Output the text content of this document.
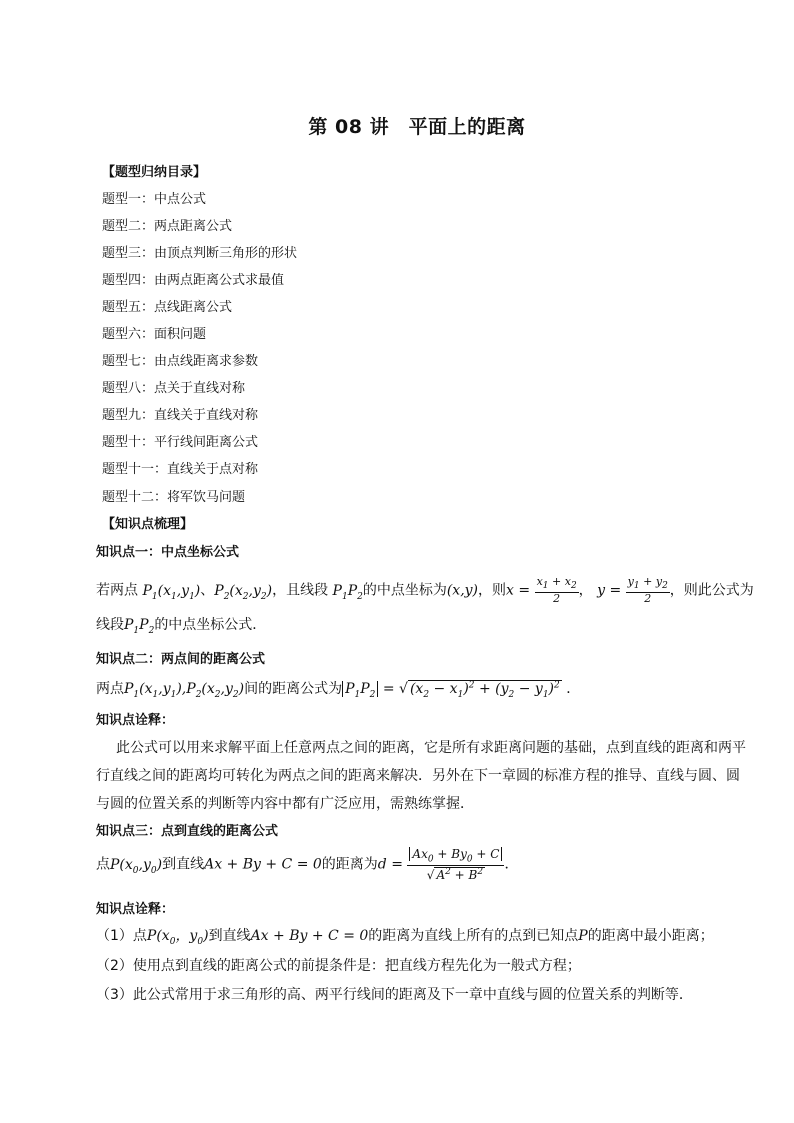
第 08 讲　平面上的距离
【题型归纳目录】
题型一：中点公式
题型二：两点距离公式
题型三：由顶点判断三角形的形状
题型四：由两点距离公式求最值
题型五：点线距离公式
题型六：面积问题
题型七：由点线距离求参数
题型八：点关于直线对称
题型九：直线关于直线对称
题型十：平行线间距离公式
题型十一：直线关于点对称
题型十二：将军饮马问题
【知识点梳理】
知识点一：中点坐标公式
若两点 $P_1(x_1,y_1)$、$P_2(x_2,y_2)$，且线段 $P_1P_2$的中点坐标为(x,y)，则$x = \frac{x_1 + x_2}{2}$ ， $y = \frac{y_1 + y_2}{2}$ ，则此公式为
线段$P_1P_2$的中点坐标公式．
知识点二：两点间的距离公式
两点$P_1(x_1,y_1),P_2(x_2,y_2)$间的距离公式为 $P_1P_2$ = √ $(x_2 - x_1)^2 + (y_2 - y_1)^2$ ．
知识点诠释：
此公式可以用来求解平面上任意两点之间的距离，它是所有求距离问题的基础，点到直线的距离和两平
行直线之间的距离均可转化为两点之间的距离来解决．另外在下一章圆的标准方程的推导、直线与圆、圆
与圆的位置关系的判断等内容中都有广泛应用，需熟练掌握．
知识点三：点到直线的距离公式
点$P(x_0,y_0)$到直线Ax + By + C = 0的距离为$d = \frac{Ax_0 + By_0 + C}{√ A^2 + B^2}$ ．
知识点诠释：
（1）点$P(x_0$，$y_0$)到直线Ax + By + C = 0的距离为直线上所有的点到已知点P的距离中最小距离；
（2）使用点到直线的距离公式的前提条件是：把直线方程先化为一般式方程；
（3）此公式常用于求三角形的高、两平行线间的距离及下一章中直线与圆的位置关系的判断等．
